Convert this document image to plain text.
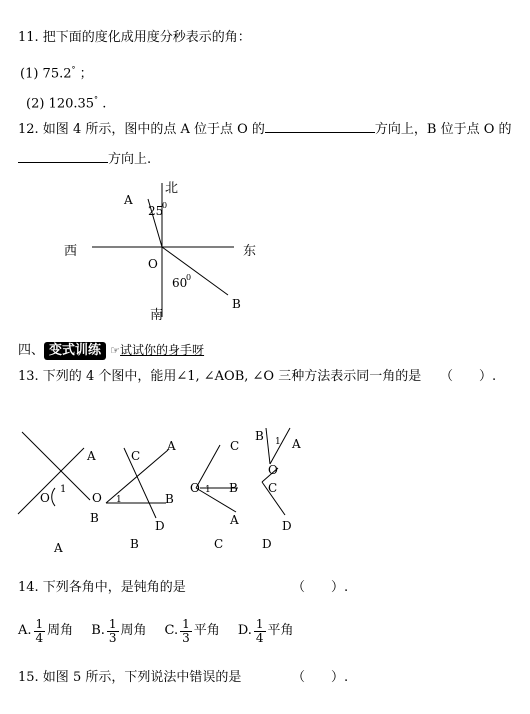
11. 把下面的度化成用度分秒表示的角：
(1) 75.2° ；
(2) 120.35° .
12. 如图 4 所示，图中的点 A 位于点 O 的	方向上，B 位于点 O 的
方向上.
北
南
西	东
A
B
O
25
0
60
0
四、 变式训练 ☞试试你的身手呀
13. 下列的 4 个图中，能用∠1, ∠AOB, ∠O 三种方法表示同一角的是 （　　）.
A
O
1
B
A
O 1
C
A
B
D
B
C
O 1 B
A
C
B 1 A
O
C
D
D
14. 下列各角中，是钝角的是	（　　）.
A. $\frac{1}{4}$ 周角 B. $\frac{1}{3}$ 周角 C. $\frac{1}{3}$ 平角 D. $\frac{1}{4}$ 平角
15. 如图 5 所示，下列说法中错误的是	（　　）.
